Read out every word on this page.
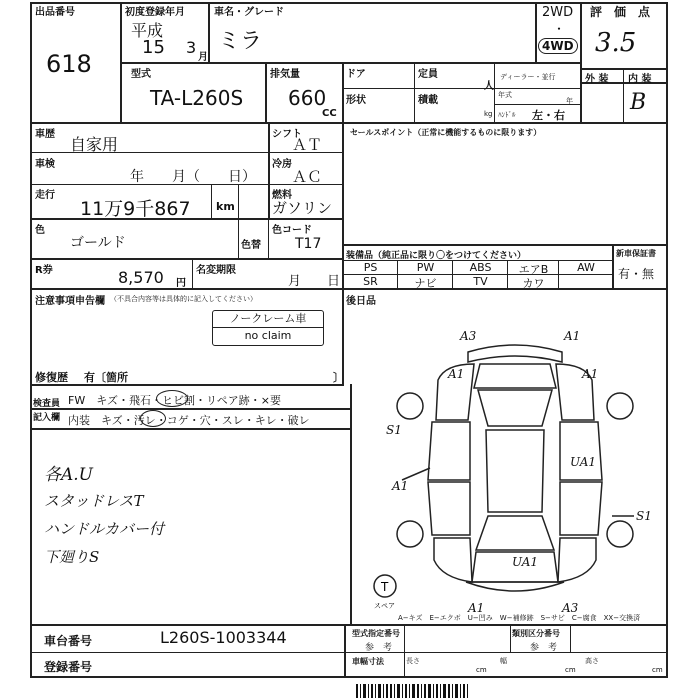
出品番号
618
初度登録年月
平成
15 3
月
車名・グレード
ミラ
2WD
・
4WD
評　価　点
3.5
外 装 内 装
B
型式
TA-L260S
排気量
660
CC
ドア	定員
人
ディーラー・並行
形状	積載	年式
年
kg ﾊﾝﾄﾞﾙ 左・右
車歴
自家用
シフト
ＡＴ
車検
年　　月（　　日）
冷房
ＡＣ
走行
11万9千867 km
燃料
ガソリン
色
ゴールド	色替
色コード
T17
R券	8,570 円
名変期限
月　　日
セールスポイント（正常に機能するものに限ります）
装備品（純正品に限り〇をつけてください）
PS	PW	ABS	エアB	AW
SR	ナビ	TV	カワ
新車保証書
有・無
後日品
注意事項申告欄 （不具合内容等は具体的に記入してください）
ノークレーム車
no claim
修復歴 有〔箇所	〕
検査員
記入欄
FW　キズ・飛石・ヒビ割・リペア跡・×要
内装　キズ・汚レ・コゲ・穴・スレ・キレ・破レ
各A.U
スタッドレスT
ハンドルカバー付
下廻りS
A3	A1
A1	A1
S1
UA1
A1
S1
UA1
A1	A3
T
スペア
A−キズ　E−エクボ　U−凹み　W−補修跡　S−サビ　C−腐食　XX−交換済
車台番号	L260S-1003344
登録番号
型式指定番号
参　考
類別区分番号
参　考
車幅寸法	長さ
cm
幅
cm
高さ
cm
